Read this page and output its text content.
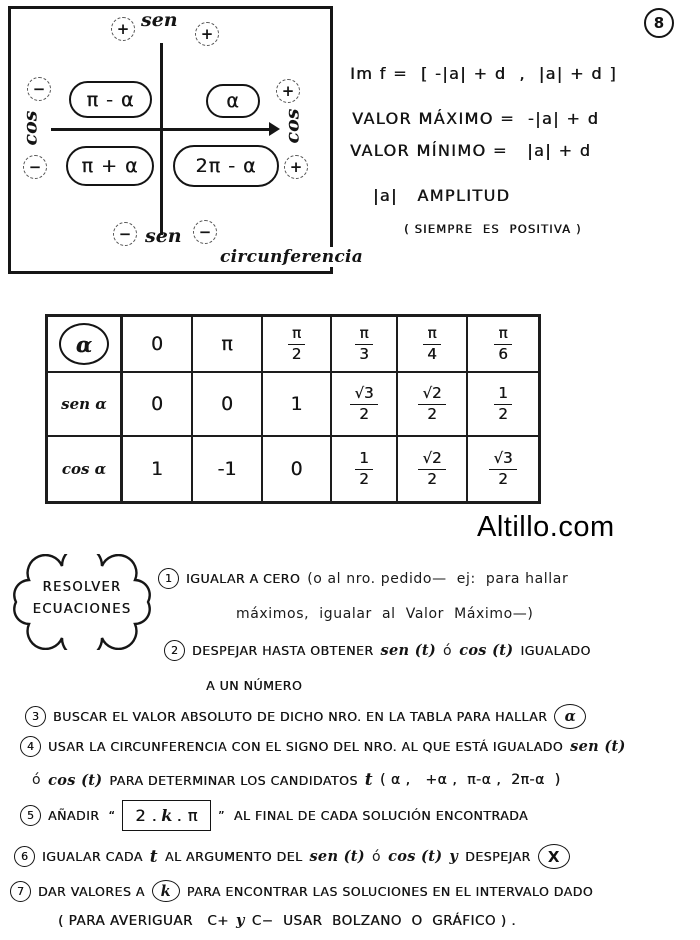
8
sen
sen
cos	cos
+	+
−
−
+
+
−	−
π - α	α
π + α	2π - α
circunferencia
Im f =  [ -|a| + d  ,  |a| + d ]
VALOR MÁXIMO =  -|a| + d
VALOR MÍNIMO =   |a| + d
|a|   AMPLITUD
( SIEMPRE  ES  POSITIVA )
α	0	π	$\frac{\pi}{2}$	$\frac{\pi}{3}$	$\frac{\pi}{4}$	$\frac{\pi}{6}$
sen α	0	0	1	$\frac{√3}{2}$	$\frac{√2}{2}$	$\frac{1}{2}$
cos α	1	-1	0	$\frac{1}{2}$	$\frac{√2}{2}$	$\frac{√3}{2}$
Altillo.com
RESOLVER
ECUACIONES
1	IGUALAR A CERO (o al nro. pedido—  ej:  para hallar
máximos,  igualar  al  Valor  Máximo—)
2	DESPEJAR HASTA OBTENER sen (t) ó cos (t) IGUALADO
A UN NÚMERO
3	BUSCAR EL VALOR ABSOLUTO DE DICHO NRO. EN LA TABLA PARA HALLAR	α
4	USAR LA CIRCUNFERENCIA CON EL SIGNO DEL NRO. AL QUE ESTÁ IGUALADO sen (t)
ó cos (t) PARA DETERMINAR LOS CANDIDATOS t ( α ,   +α ,  π-α ,  2π-α  )
5	AÑADIR  “ 2 . k . π ”  AL FINAL DE CADA SOLUCIÓN ENCONTRADA
6	IGUALAR CADA t AL ARGUMENTO DEL sen (t) ó cos (t) y DESPEJAR	X
7	DAR VALORES A	k	PARA ENCONTRAR LAS SOLUCIONES EN EL INTERVALO DADO
( PARA AVERIGUAR   C+ y C−  USAR  BOLZANO  O  GRÁFICO ) .
